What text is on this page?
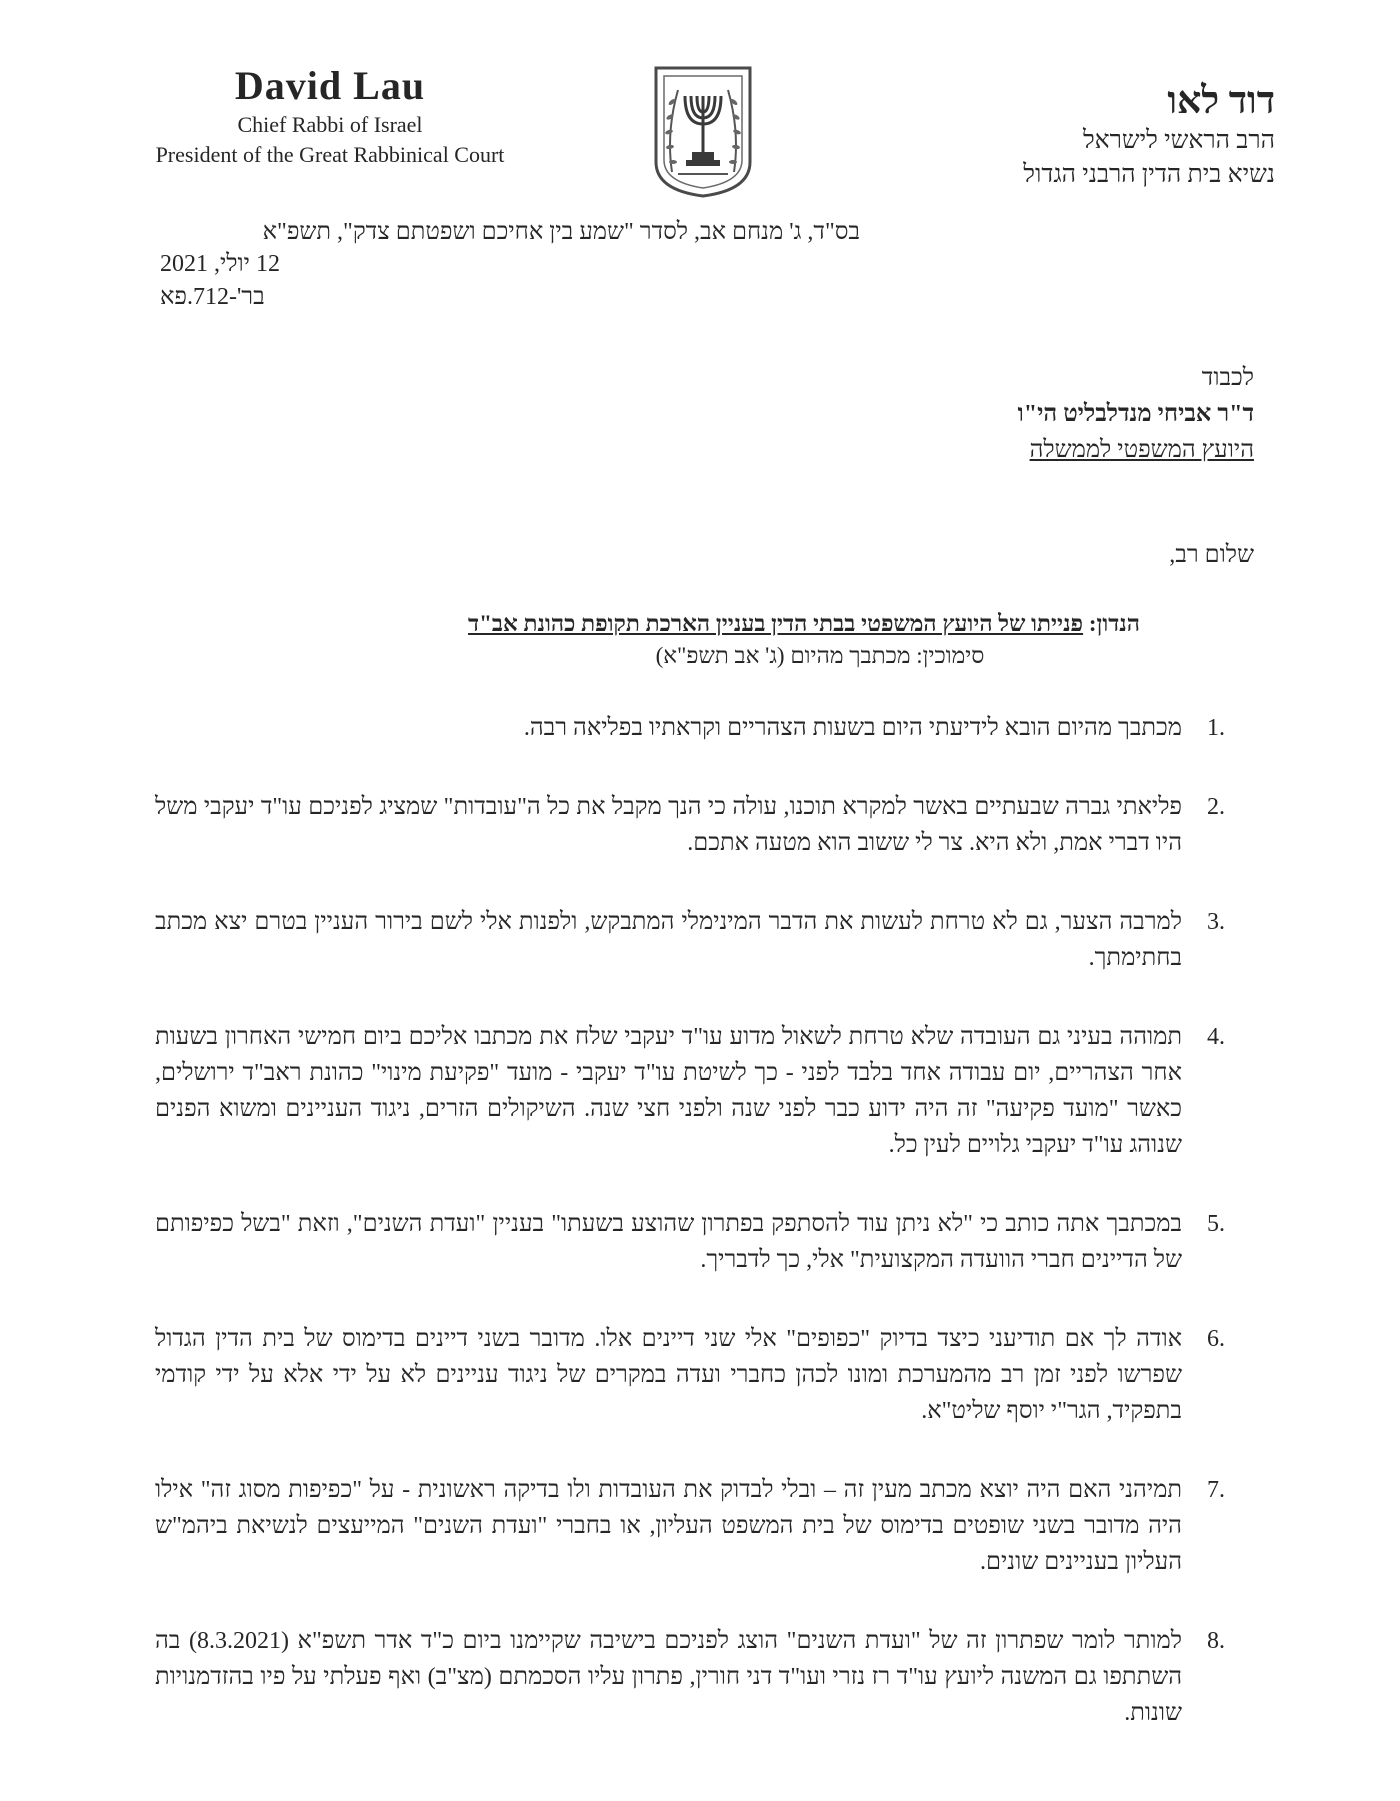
David Lau
Chief Rabbi of Israel
President of the Great Rabbinical Court
דוד לאו
הרב הראשי לישראל
נשיא בית הדין הרבני הגדול
בס"ד, ג' מנחם אב, לסדר "שמע בין אחיכם ושפטתם צדק", תשפ"א
12 יולי, 2021
בר'-712.פא
לכבוד
ד"ר אביחי מנדלבליט הי"ו
היועץ המשפטי לממשלה
שלום רב,
הנדון: פנייתו של היועץ המשפטי בבתי הדין בעניין הארכת תקופת כהונת אב"ד
סימוכין: מכתבך מהיום (ג' אב תשפ"א)
.1
מכתבך מהיום הובא לידיעתי היום בשעות הצהריים וקראתיו בפליאה רבה.
.2
פליאתי גברה שבעתיים באשר למקרא תוכנו, עולה כי הנך מקבל את כל ה"עובדות" שמציג לפניכם עו"ד יעקבי משל היו דברי אמת, ולא היא. צר לי ששוב הוא מטעה אתכם.
.3
למרבה הצער, גם לא טרחת לעשות את הדבר המינימלי המתבקש, ולפנות אלי לשם בירור העניין בטרם יצא מכתב בחתימתך.
.4
תמוהה בעיני גם העובדה שלא טרחת לשאול מדוע עו"ד יעקבי שלח את מכתבו אליכם ביום חמישי האחרון בשעות אחר הצהריים, יום עבודה אחד בלבד לפני - כך לשיטת עו"ד יעקבי - מועד "פקיעת מינוי" כהונת ראב"ד ירושלים, כאשר "מועד פקיעה" זה היה ידוע כבר לפני שנה ולפני חצי שנה. השיקולים הזרים, ניגוד העניינים ומשוא הפנים שנוהג עו"ד יעקבי גלויים לעין כל.
.5
במכתבך אתה כותב כי "לא ניתן עוד להסתפק בפתרון שהוצע בשעתו" בעניין "ועדת השנים", וזאת "בשל כפיפותם של הדיינים חברי הוועדה המקצועית" אלי, כך לדבריך.
.6
אודה לך אם תודיעני כיצד בדיוק "כפופים" אלי שני דיינים אלו. מדובר בשני דיינים בדימוס של בית הדין הגדול שפרשו לפני זמן רב מהמערכת ומונו לכהן כחברי ועדה במקרים של ניגוד עניינים לא על ידי אלא על ידי קודמי בתפקיד, הגר"י יוסף שליט"א.
.7
תמיהני האם היה יוצא מכתב מעין זה – ובלי לבדוק את העובדות ולו בדיקה ראשונית - על "כפיפות מסוג זה" אילו היה מדובר בשני שופטים בדימוס של בית המשפט העליון, או בחברי "ועדת השנים" המייעצים לנשיאת ביהמ"ש העליון בעניינים שונים.
.8
למותר לומר שפתרון זה של "ועדת השנים" הוצג לפניכם בישיבה שקיימנו ביום כ"ד אדר תשפ"א (8.3.2021) בה השתתפו גם המשנה ליועץ עו"ד רז נזרי ועו"ד דני חורין, פתרון עליו הסכמתם (מצ"ב) ואף פעלתי על פיו בהזדמנויות שונות.
